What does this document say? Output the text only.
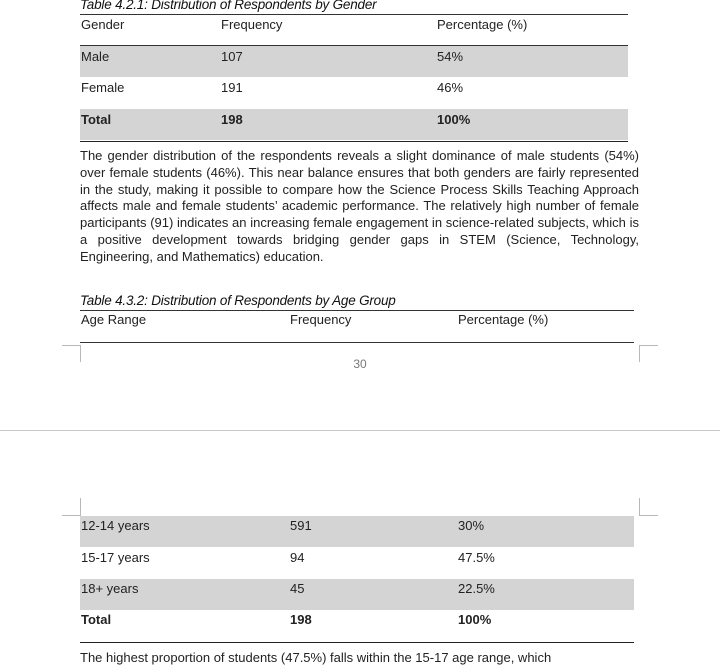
Table 4.2.1: Distribution of Respondents by Gender
Gender	Frequency	Percentage (%)
Male	107	54%
Female	191	46%
Total	198	100%
The gender distribution of the respondents reveals a slight dominance of male students (54%) over female students (46%). This near balance ensures that both genders are fairly represented in the study, making it possible to compare how the Science Process Skills Teaching Approach affects male and female students’ academic performance. The relatively high number of female participants (91) indicates an increasing female engagement in science-related subjects, which is a positive development towards bridging gender gaps in STEM (Science, Technology, Engineering, and Mathematics) education.
Table 4.3.2: Distribution of Respondents by Age Group
Age Range	Frequency	Percentage (%)
30
12-14 years	591	30%
15-17 years	94	47.5%
18+ years	45	22.5%
Total	198	100%
The highest proportion of students (47.5%) falls within the 15-17 age range, which
